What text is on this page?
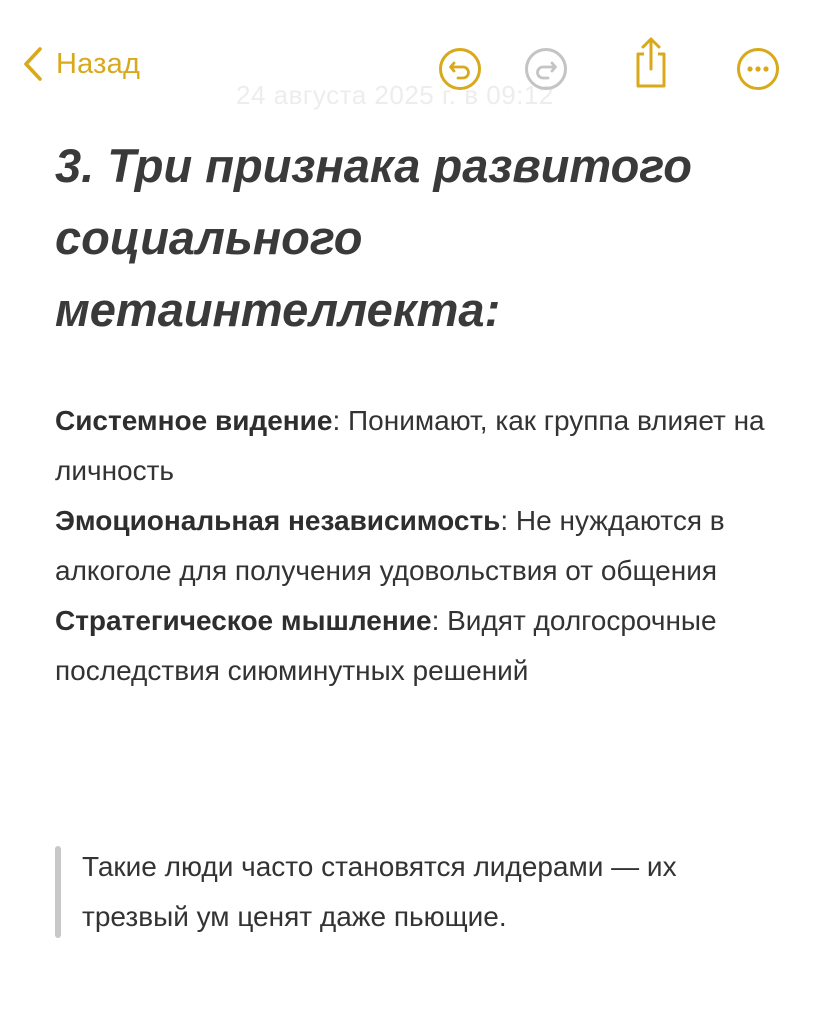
24 августа 2025 г. в 09:12
Назад
3. Три признака развитого социального метаинтеллекта:

Системное видение: Понимают, как группа влияет на личность

Эмоциональная независимость: Не нуждаются в алкоголе для получения удовольствия от общения

Стратегическое мышление: Видят долгосрочные последствия сиюминутных решений

Такие люди часто становятся лидерами — их трезвый ум ценят даже пьющие.
